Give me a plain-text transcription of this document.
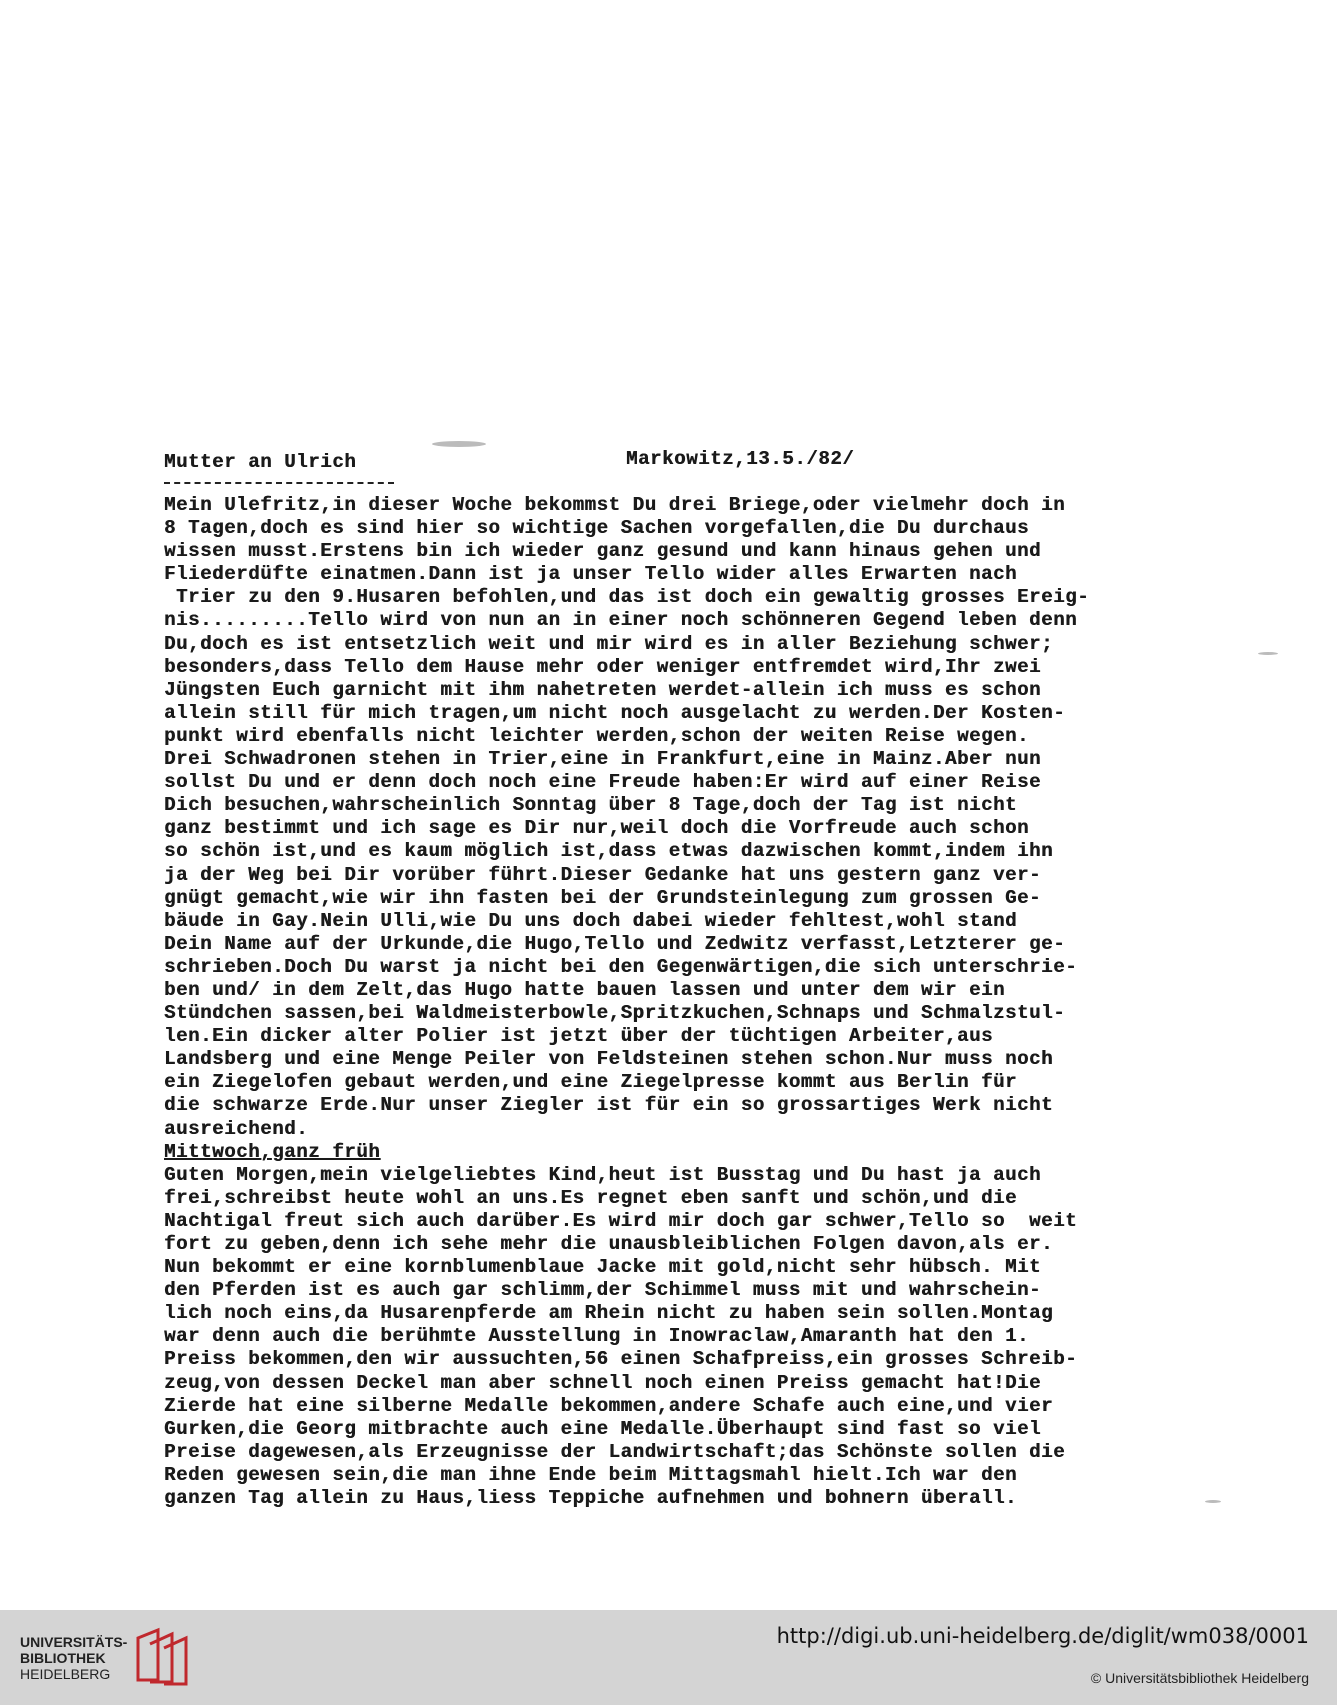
Mutter an Ulrich	Markowitz,13.5./82/
Mein Ulefritz,in dieser Woche bekommst Du drei Briege,oder vielmehr doch in
8 Tagen,doch es sind hier so wichtige Sachen vorgefallen,die Du durchaus
wissen musst.Erstens bin ich wieder ganz gesund und kann hinaus gehen und
Fliederdüfte einatmen.Dann ist ja unser Tello wider alles Erwarten nach
Trier zu den 9.Husaren befohlen,und das ist doch ein gewaltig grosses Ereig-
nis.........Tello wird von nun an in einer noch schönneren Gegend leben denn
Du,doch es ist entsetzlich weit und mir wird es in aller Beziehung schwer;
besonders,dass Tello dem Hause mehr oder weniger entfremdet wird,Ihr zwei
Jüngsten Euch garnicht mit ihm nahetreten werdet-allein ich muss es schon
allein still für mich tragen,um nicht noch ausgelacht zu werden.Der Kosten-
punkt wird ebenfalls nicht leichter werden,schon der weiten Reise wegen.
Drei Schwadronen stehen in Trier,eine in Frankfurt,eine in Mainz.Aber nun
sollst Du und er denn doch noch eine Freude haben:Er wird auf einer Reise
Dich besuchen,wahrscheinlich Sonntag über 8 Tage,doch der Tag ist nicht
ganz bestimmt und ich sage es Dir nur,weil doch die Vorfreude auch schon
so schön ist,und es kaum möglich ist,dass etwas dazwischen kommt,indem ihn
ja der Weg bei Dir vorüber führt.Dieser Gedanke hat uns gestern ganz ver-
gnügt gemacht,wie wir ihn fasten bei der Grundsteinlegung zum grossen Ge-
bäude in Gay.Nein Ulli,wie Du uns doch dabei wieder fehltest,wohl stand
Dein Name auf der Urkunde,die Hugo,Tello und Zedwitz verfasst,Letzterer ge-
schrieben.Doch Du warst ja nicht bei den Gegenwärtigen,die sich unterschrie-
ben und/ in dem Zelt,das Hugo hatte bauen lassen und unter dem wir ein
Stündchen sassen,bei Waldmeisterbowle,Spritzkuchen,Schnaps und Schmalzstul-
len.Ein dicker alter Polier ist jetzt über der tüchtigen Arbeiter,aus
Landsberg und eine Menge Peiler von Feldsteinen stehen schon.Nur muss noch
ein Ziegelofen gebaut werden,und eine Ziegelpresse kommt aus Berlin für
die schwarze Erde.Nur unser Ziegler ist für ein so grossartiges Werk nicht
ausreichend.
Mittwoch,ganz früh
Guten Morgen,mein vielgeliebtes Kind,heut ist Busstag und Du hast ja auch
frei,schreibst heute wohl an uns.Es regnet eben sanft und schön,und die
Nachtigal freut sich auch darüber.Es wird mir doch gar schwer,Tello so  weit
fort zu geben,denn ich sehe mehr die unausbleiblichen Folgen davon,als er.
Nun bekommt er eine kornblumenblaue Jacke mit gold,nicht sehr hübsch. Mit
den Pferden ist es auch gar schlimm,der Schimmel muss mit und wahrschein-
lich noch eins,da Husarenpferde am Rhein nicht zu haben sein sollen.Montag
war denn auch die berühmte Ausstellung in Inowraclaw,Amaranth hat den 1.
Preiss bekommen,den wir aussuchten,56 einen Schafpreiss,ein grosses Schreib-
zeug,von dessen Deckel man aber schnell noch einen Preiss gemacht hat!Die
Zierde hat eine silberne Medalle bekommen,andere Schafe auch eine,und vier
Gurken,die Georg mitbrachte auch eine Medalle.Überhaupt sind fast so viel
Preise dagewesen,als Erzeugnisse der Landwirtschaft;das Schönste sollen die
Reden gewesen sein,die man ihne Ende beim Mittagsmahl hielt.Ich war den
ganzen Tag allein zu Haus,liess Teppiche aufnehmen und bohnern überall.
UNIVERSITÄTS-
BIBLIOTHEK
HEIDELBERG
http://digi.ub.uni-heidelberg.de/diglit/wm038/0001
© Universitätsbibliothek Heidelberg
